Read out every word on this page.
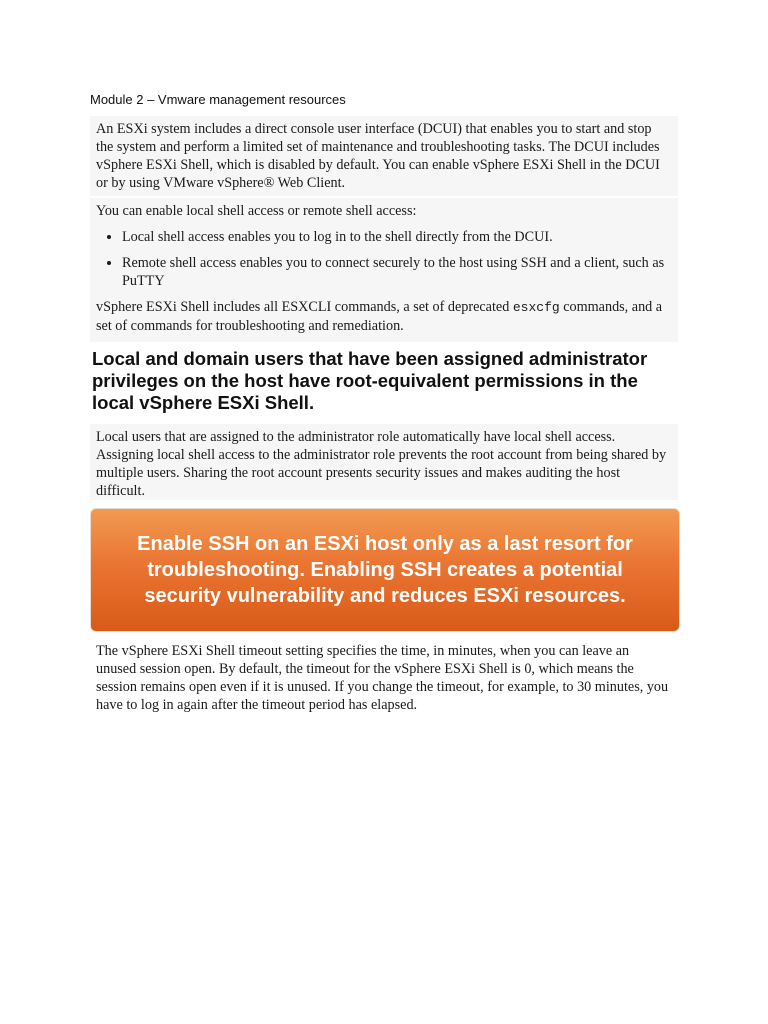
Module 2 – Vmware management resources

An ESXi system includes a direct console user interface (DCUI) that enables you to start and stop the system and perform a limited set of maintenance and troubleshooting tasks. The DCUI includes vSphere ESXi Shell, which is disabled by default. You can enable vSphere ESXi Shell in the DCUI or by using VMware vSphere® Web Client.

You can enable local shell access or remote shell access:

• Local shell access enables you to log in to the shell directly from the DCUI.
• Remote shell access enables you to connect securely to the host using SSH and a client, such as PuTTY

vSphere ESXi Shell includes all ESXCLI commands, a set of deprecated esxcfg commands, and a set of commands for troubleshooting and remediation.

Local and domain users that have been assigned administrator privileges on the host have root-equivalent permissions in the local vSphere ESXi Shell.

Local users that are assigned to the administrator role automatically have local shell access. Assigning local shell access to the administrator role prevents the root account from being shared by multiple users. Sharing the root account presents security issues and makes auditing the host difficult.

Enable SSH on an ESXi host only as a last resort for troubleshooting. Enabling SSH creates a potential security vulnerability and reduces ESXi resources.

The vSphere ESXi Shell timeout setting specifies the time, in minutes, when you can leave an unused session open. By default, the timeout for the vSphere ESXi Shell is 0, which means the session remains open even if it is unused. If you change the timeout, for example, to 30 minutes, you have to log in again after the timeout period has elapsed.
